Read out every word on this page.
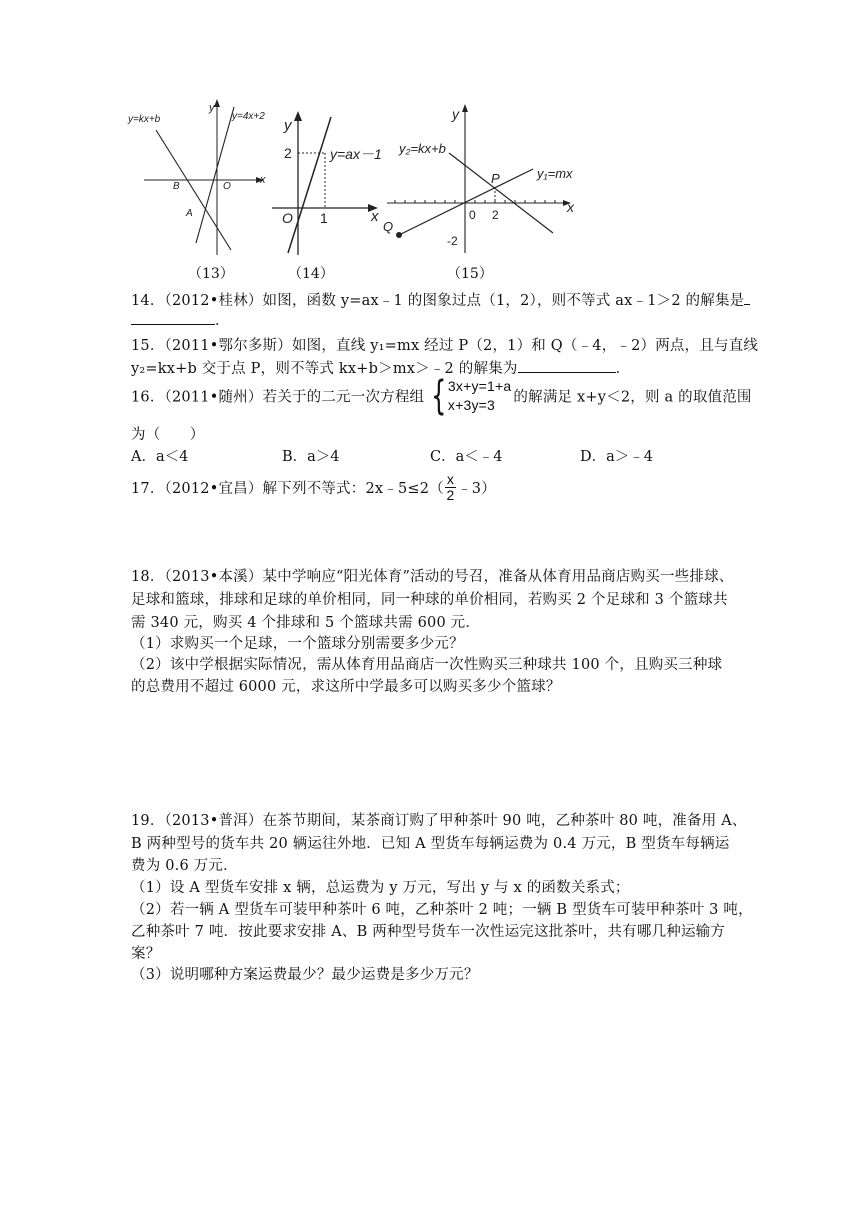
y=kx+b	y=4x+2
y
x
B	O
A
y
x
y=ax－1
2
O 1
y
x
y₂=kx+b
y₁=mx
P
Q
0 2
-2
（13）	（14）	（15）
14．（2012•桂林）如图，函数 y=ax﹣1 的图象过点（1，2），则不等式 ax﹣1＞2 的解集是
．
15．（2011•鄂尔多斯）如图，直线 y₁=mx 经过 P（2，1）和 Q（﹣4，﹣2）两点，且与直线
y₂=kx+b 交于点 P，则不等式 kx+b＞mx＞﹣2 的解集为	．
16．（2011•随州）若关于的二元一次方程组 { 3x+y=1+a
x+3y=3	的解满足 x+y＜2，则 a 的取值范围
为（　　）
A．a＜4	B．a＞4	C．a＜﹣4	D．a＞﹣4
17．（2012•宜昌）解下列不等式：2x﹣5≤2（ $\frac{x}{2}$ ﹣3）
18．（2013•本溪）某中学响应“阳光体育”活动的号召，准备从体育用品商店购买一些排球、
足球和篮球，排球和足球的单价相同，同一种球的单价相同，若购买 2 个足球和 3 个篮球共
需 340 元，购买 4 个排球和 5 个篮球共需 600 元．
（1）求购买一个足球，一个篮球分别需要多少元？
（2）该中学根据实际情况，需从体育用品商店一次性购买三种球共 100 个，且购买三种球
的总费用不超过 6000 元，求这所中学最多可以购买多少个篮球？
19．（2013•普洱）在茶节期间，某茶商订购了甲种茶叶 90 吨，乙种茶叶 80 吨，准备用 A、
B 两种型号的货车共 20 辆运往外地．已知 A 型货车每辆运费为 0.4 万元，B 型货车每辆运
费为 0.6 万元．
（1）设 A 型货车安排 x 辆，总运费为 y 万元，写出 y 与 x 的函数关系式；
（2）若一辆 A 型货车可装甲种茶叶 6 吨，乙种茶叶 2 吨；一辆 B 型货车可装甲种茶叶 3 吨，
乙种茶叶 7 吨．按此要求安排 A、B 两种型号货车一次性运完这批茶叶，共有哪几种运输方
案？
（3）说明哪种方案运费最少？最少运费是多少万元？
